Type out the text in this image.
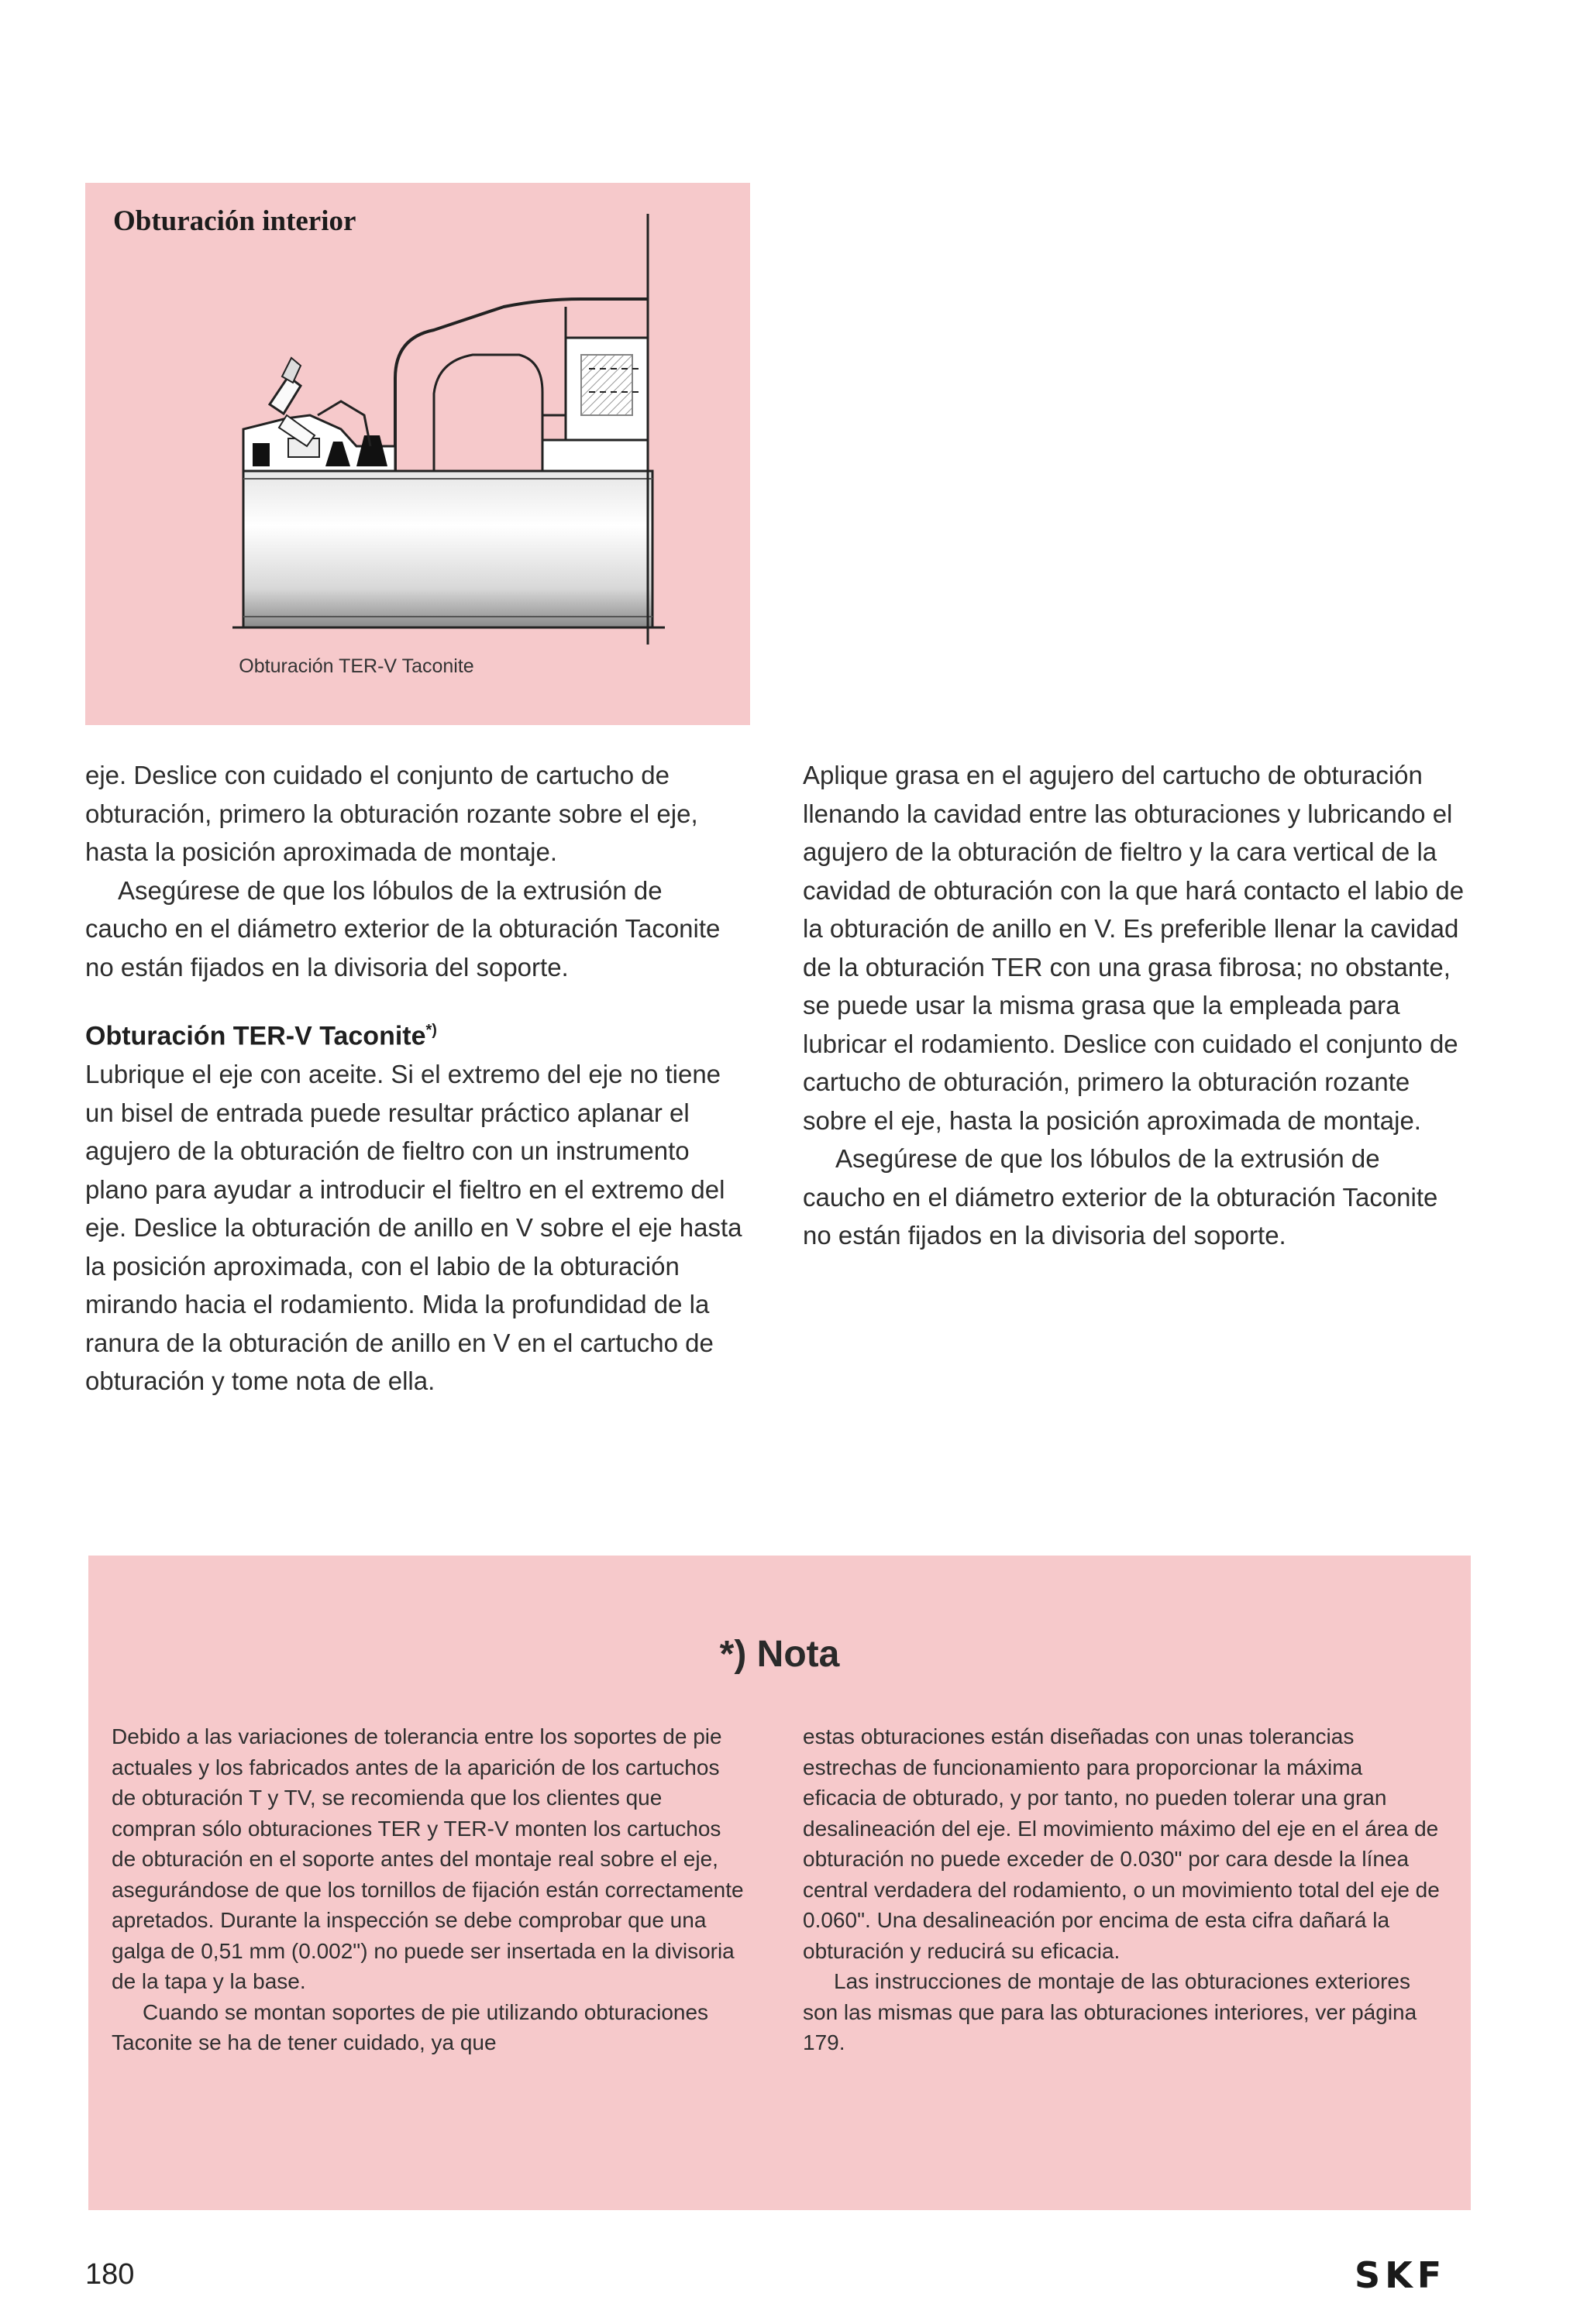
Obturación interior
Obturación TER-V Taconite

eje. Deslice con cuidado el conjunto de cartucho de obturación, primero la obturación rozante sobre el eje, hasta la posición aproximada de montaje.

Asegúrese de que los lóbulos de la extrusión de caucho en el diámetro exterior de la obturación Taconite no están fijados en la divisoria del soporte.

Obturación TER-V Taconite*)

Lubrique el eje con aceite. Si el extremo del eje no tiene un bisel de entrada puede resultar práctico aplanar el agujero de la obturación de fieltro con un instrumento plano para ayudar a introducir el fieltro en el extremo del eje. Deslice la obturación de anillo en V sobre el eje hasta la posición aproximada, con el labio de la obturación mirando hacia el rodamiento. Mida la profundidad de la ranura de la obturación de anillo en V en el cartucho de obturación y tome nota de ella.

Aplique grasa en el agujero del cartucho de obturación llenando la cavidad entre las obturaciones y lubricando el agujero de la obturación de fieltro y la cara vertical de la cavidad de obturación con la que hará contacto el labio de la obturación de anillo en V. Es preferible llenar la cavidad de la obturación TER con una grasa fibrosa; no obstante, se puede usar la misma grasa que la empleada para lubricar el rodamiento. Deslice con cuidado el conjunto de cartucho de obturación, primero la obturación rozante sobre el eje, hasta la posición aproximada de montaje.

Asegúrese de que los lóbulos de la extrusión de caucho en el diámetro exterior de la obturación Taconite no están fijados en la divisoria del soporte.

*) Nota

Debido a las variaciones de tolerancia entre los soportes de pie actuales y los fabricados antes de la aparición de los cartuchos de obturación T y TV, se recomienda que los clientes que compran sólo obturaciones TER y TER-V monten los cartuchos de obturación en el soporte antes del montaje real sobre el eje, asegurándose de que los tornillos de fijación están correctamente apretados. Durante la inspección se debe comprobar que una galga de 0,51 mm (0.002") no puede ser insertada en la divisoria de la tapa y la base.

Cuando se montan soportes de pie utilizando obturaciones Taconite se ha de tener cuidado, ya que

estas obturaciones están diseñadas con unas tolerancias estrechas de funcionamiento para proporcionar la máxima eficacia de obturado, y por tanto, no pueden tolerar una gran desalineación del eje. El movimiento máximo del eje en el área de obturación no puede exceder de 0.030" por cara desde la línea central verdadera del rodamiento, o un movimiento total del eje de 0.060". Una desalineación por encima de esta cifra dañará la obturación y reducirá su eficacia.

Las instrucciones de montaje de las obturaciones exteriores son las mismas que para las obturaciones interiores, ver página 179.

180	SKF
